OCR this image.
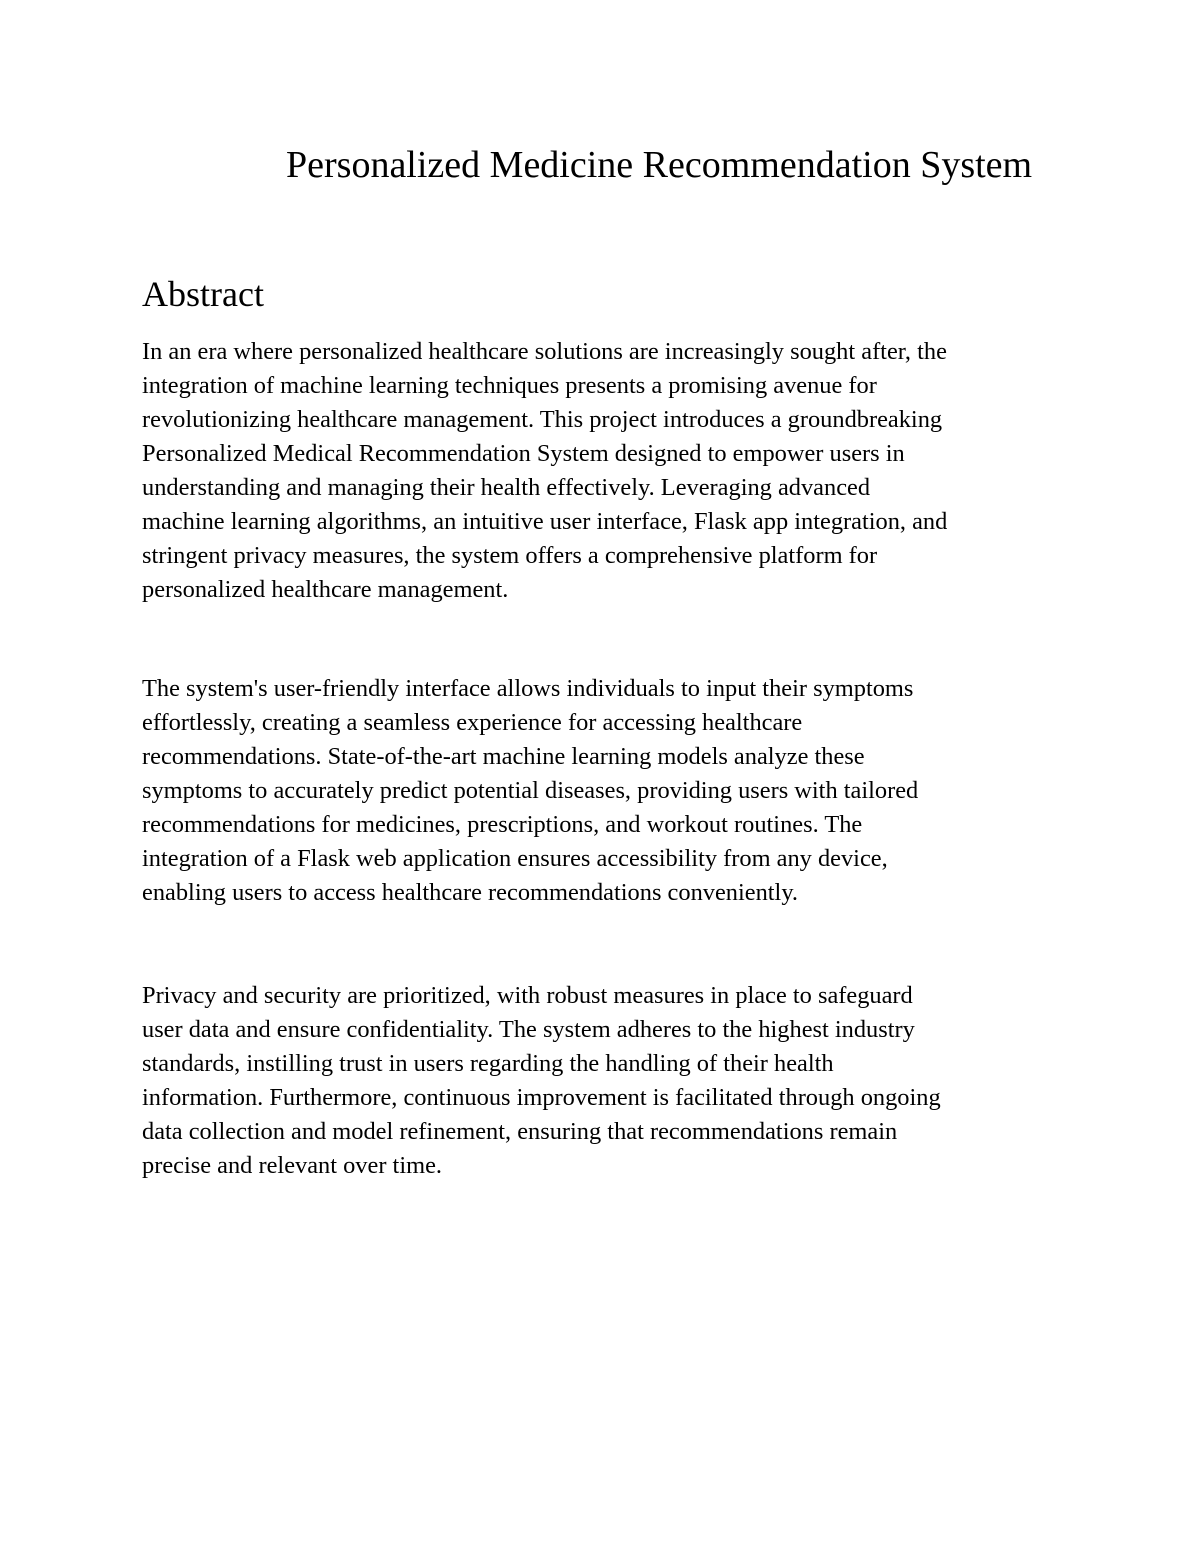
Personalized Medicine Recommendation System
Abstract

In an era where personalized healthcare solutions are increasingly sought after, the
integration of machine learning techniques presents a promising avenue for
revolutionizing healthcare management. This project introduces a groundbreaking
Personalized Medical Recommendation System designed to empower users in
understanding and managing their health effectively. Leveraging advanced
machine learning algorithms, an intuitive user interface, Flask app integration, and
stringent privacy measures, the system offers a comprehensive platform for
personalized healthcare management.

The system's user-friendly interface allows individuals to input their symptoms
effortlessly, creating a seamless experience for accessing healthcare
recommendations. State-of-the-art machine learning models analyze these
symptoms to accurately predict potential diseases, providing users with tailored
recommendations for medicines, prescriptions, and workout routines. The
integration of a Flask web application ensures accessibility from any device,
enabling users to access healthcare recommendations conveniently.

Privacy and security are prioritized, with robust measures in place to safeguard
user data and ensure confidentiality. The system adheres to the highest industry
standards, instilling trust in users regarding the handling of their health
information. Furthermore, continuous improvement is facilitated through ongoing
data collection and model refinement, ensuring that recommendations remain
precise and relevant over time.
